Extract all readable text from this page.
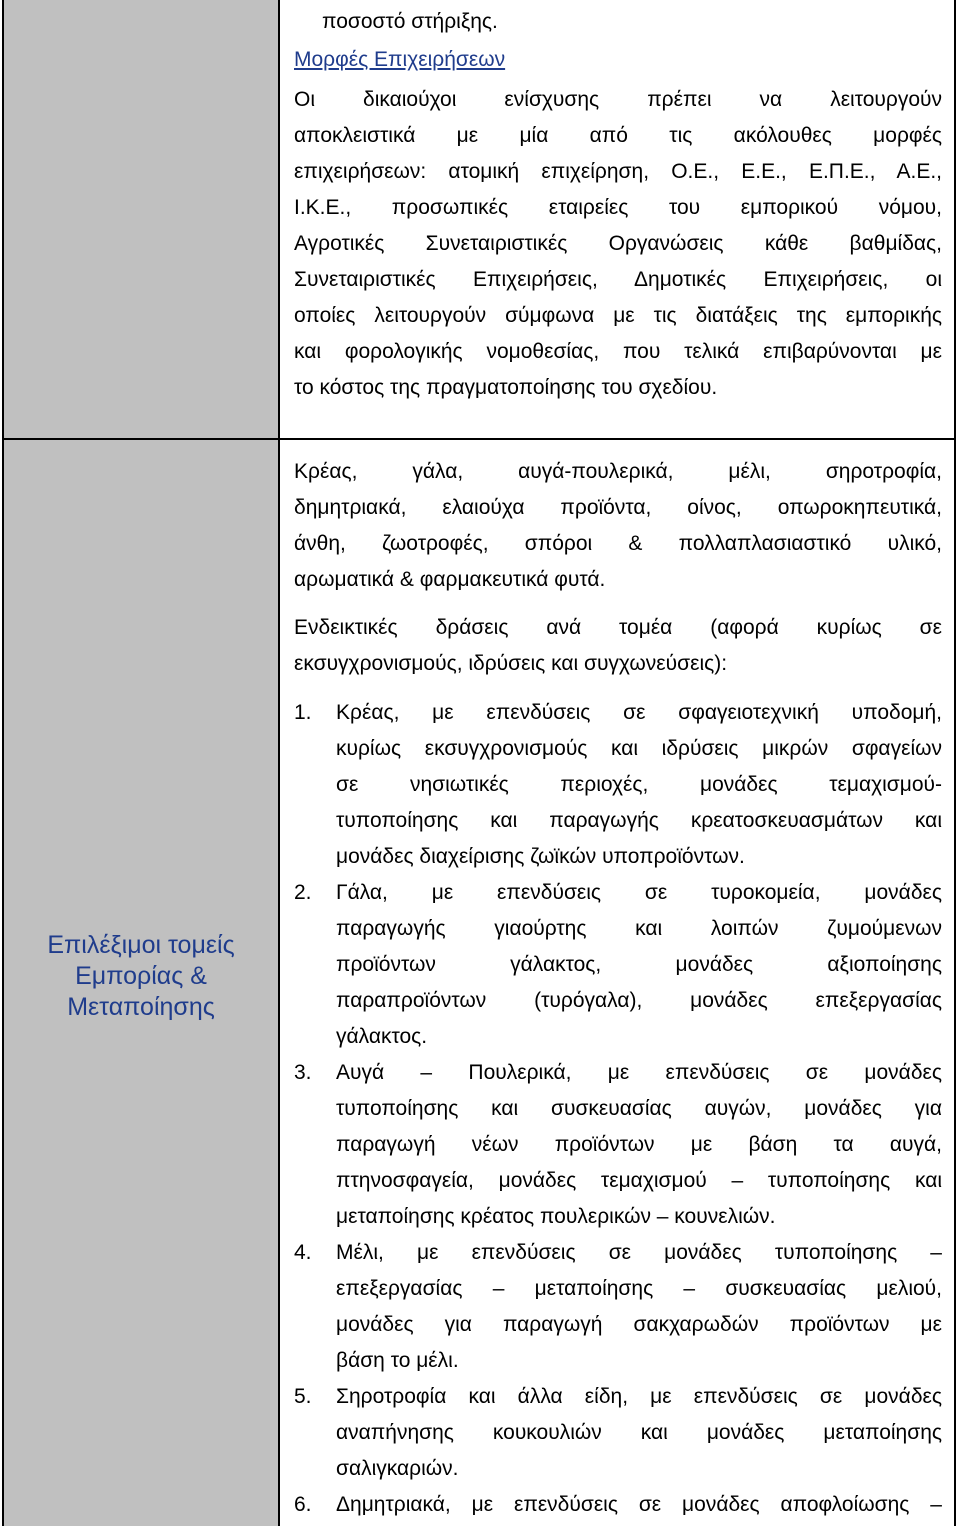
ποσοστό στήριξης.
Μορφές Επιχειρήσεων
Οι δικαιούχοι ενίσχυσης πρέπει να λειτουργούν
αποκλειστικά με μία από τις ακόλουθες μορφές
επιχειρήσεων: ατομική επιχείρηση, Ο.Ε., Ε.Ε., Ε.Π.Ε., Α.Ε.,
Ι.Κ.Ε., προσωπικές εταιρείες του εμπορικού νόμου,
Αγροτικές Συνεταιριστικές Οργανώσεις κάθε βαθμίδας,
Συνεταιριστικές Επιχειρήσεις, Δημοτικές Επιχειρήσεις, οι
οποίες λειτουργούν σύμφωνα με τις διατάξεις της εμπορικής
και φορολογικής νομοθεσίας, που τελικά επιβαρύνονται με
το κόστος της πραγματοποίησης του σχεδίου.
Επιλέξιμοι τομείς
Εμπορίας &
Μεταποίησης
Κρέας, γάλα, αυγά-πουλερικά, μέλι, σηροτροφία,
δημητριακά, ελαιούχα προϊόντα, οίνος, οπωροκηπευτικά,
άνθη, ζωοτροφές, σπόροι & πολλαπλασιαστικό υλικό,
αρωματικά & φαρμακευτικά φυτά.
Ενδεικτικές δράσεις ανά τομέα (αφορά κυρίως σε
εκσυγχρονισμούς, ιδρύσεις και συγχωνεύσεις):
1. Κρέας, με επενδύσεις σε σφαγειοτεχνική υποδομή,
κυρίως εκσυγχρονισμούς και ιδρύσεις μικρών σφαγείων
σε νησιωτικές περιοχές, μονάδες τεμαχισμού-
τυποποίησης και παραγωγής κρεατοσκευασμάτων και
μονάδες διαχείρισης ζωϊκών υποπροϊόντων.
2. Γάλα, με επενδύσεις σε τυροκομεία, μονάδες
παραγωγής γιαούρτης και λοιπών ζυμούμενων
προϊόντων γάλακτος, μονάδες αξιοποίησης
παραπροϊόντων (τυρόγαλα), μονάδες επεξεργασίας
γάλακτος.
3. Αυγά – Πουλερικά, με επενδύσεις σε μονάδες
τυποποίησης και συσκευασίας αυγών, μονάδες για
παραγωγή νέων προϊόντων με βάση τα αυγά,
πτηνοσφαγεία, μονάδες τεμαχισμού – τυποποίησης και
μεταποίησης κρέατος πουλερικών – κουνελιών.
4. Μέλι, με επενδύσεις σε μονάδες τυποποίησης –
επεξεργασίας – μεταποίησης – συσκευασίας μελιού,
μονάδες για παραγωγή σακχαρωδών προϊόντων με
βάση το μέλι.
5. Σηροτροφία και άλλα είδη, με επενδύσεις σε μονάδες
αναπήνησης κουκουλιών και μονάδες μεταποίησης
σαλιγκαριών.
6. Δημητριακά, με επενδύσεις σε μονάδες αποφλοίωσης –
